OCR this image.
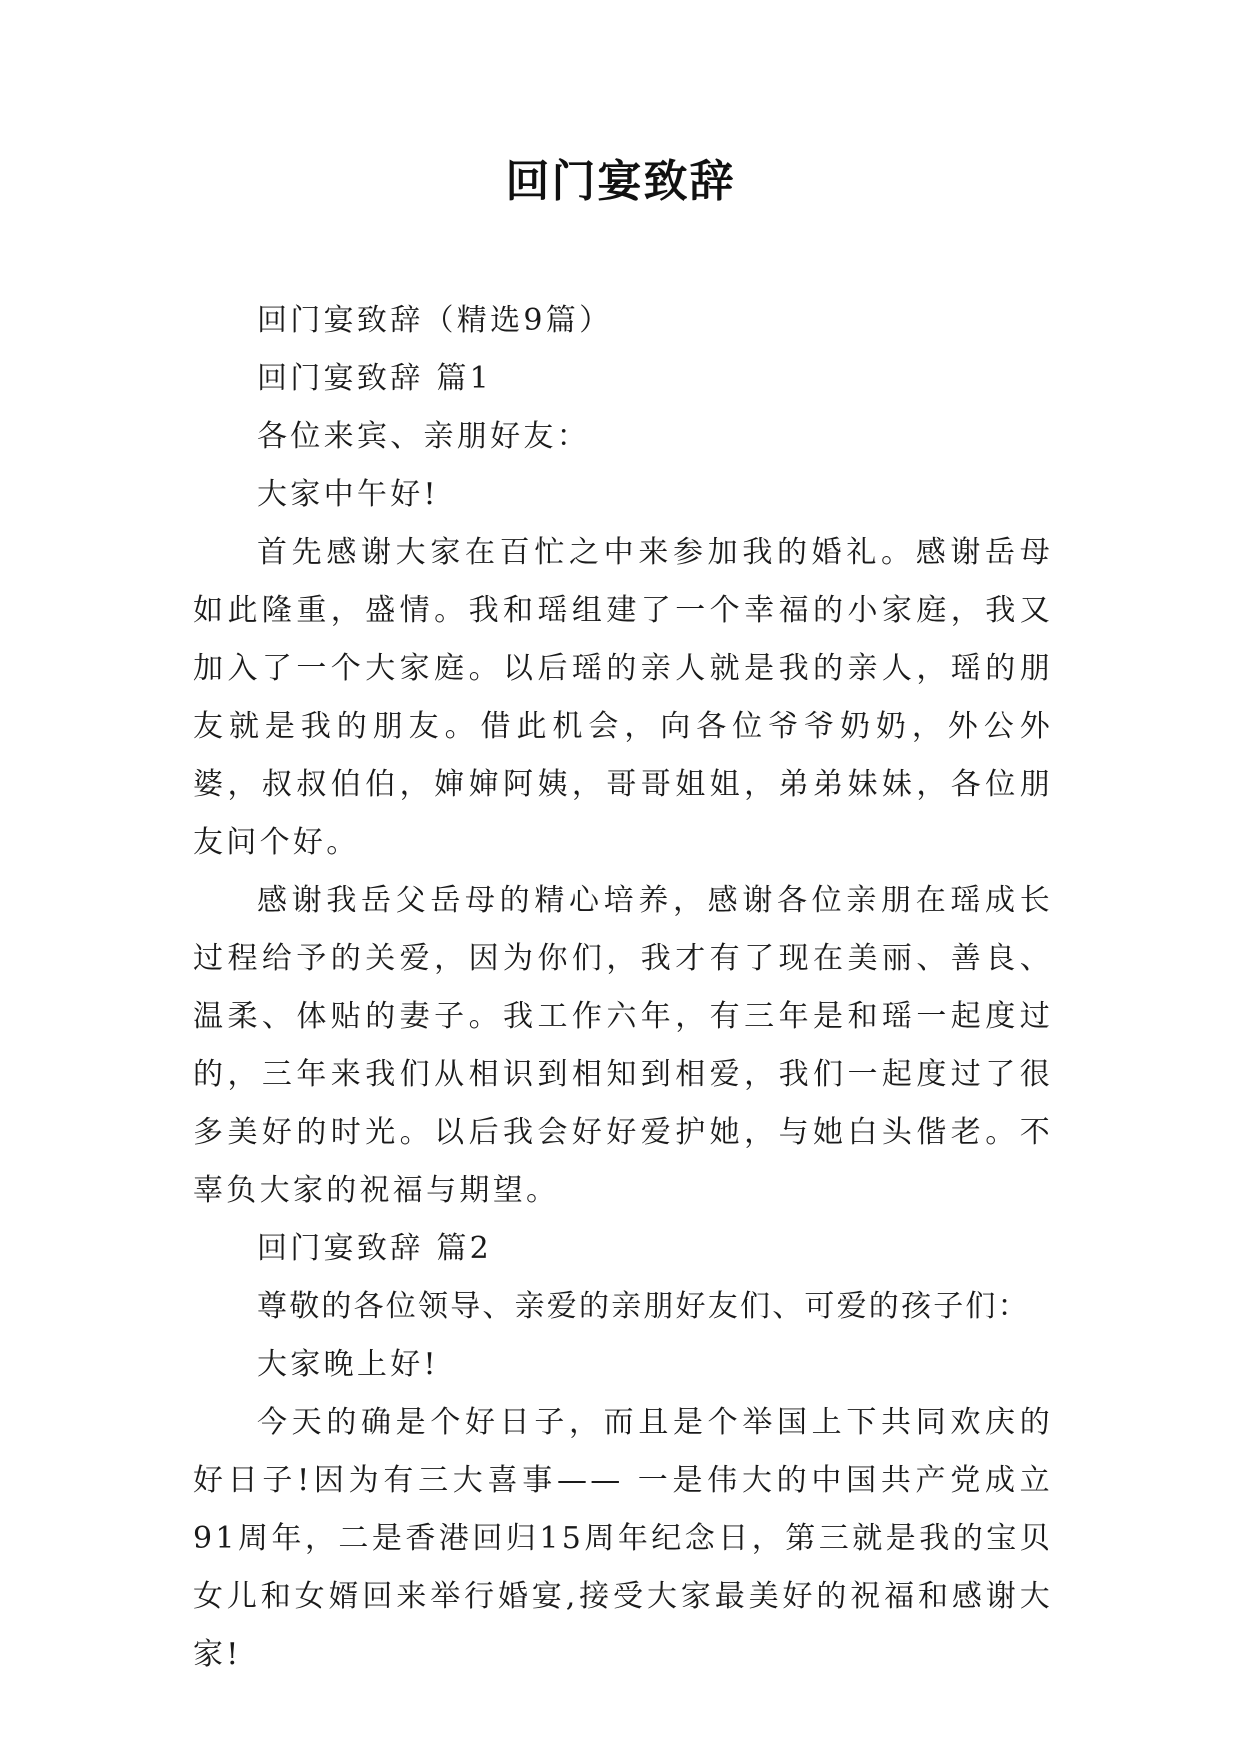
回门宴致辞

回门宴致辞（精选9篇）

回门宴致辞 篇1

各位来宾、亲朋好友：

大家中午好!

首先感谢大家在百忙之中来参加我的婚礼。感谢岳母如此隆重，盛情。我和瑶组建了一个幸福的小家庭，我又加入了一个大家庭。以后瑶的亲人就是我的亲人，瑶的朋友就是我的朋友。借此机会，向各位爷爷奶奶，外公外婆，叔叔伯伯，婶婶阿姨，哥哥姐姐，弟弟妹妹，各位朋友问个好。

感谢我岳父岳母的精心培养，感谢各位亲朋在瑶成长过程给予的关爱，因为你们，我才有了现在美丽、善良、温柔、体贴的妻子。我工作六年，有三年是和瑶一起度过的，三年来我们从相识到相知到相爱，我们一起度过了很多美好的时光。以后我会好好爱护她，与她白头偕老。不辜负大家的祝福与期望。

回门宴致辞 篇2

尊敬的各位领导、亲爱的亲朋好友们、可爱的孩子们：

大家晚上好!

今天的确是个好日子，而且是个举国上下共同欢庆的好日子!因为有三大喜事—— 一是伟大的中国共产党成立91周年，二是香港回归15周年纪念日，第三就是我的宝贝女儿和女婿回来举行婚宴,接受大家最美好的祝福和感谢大家!
